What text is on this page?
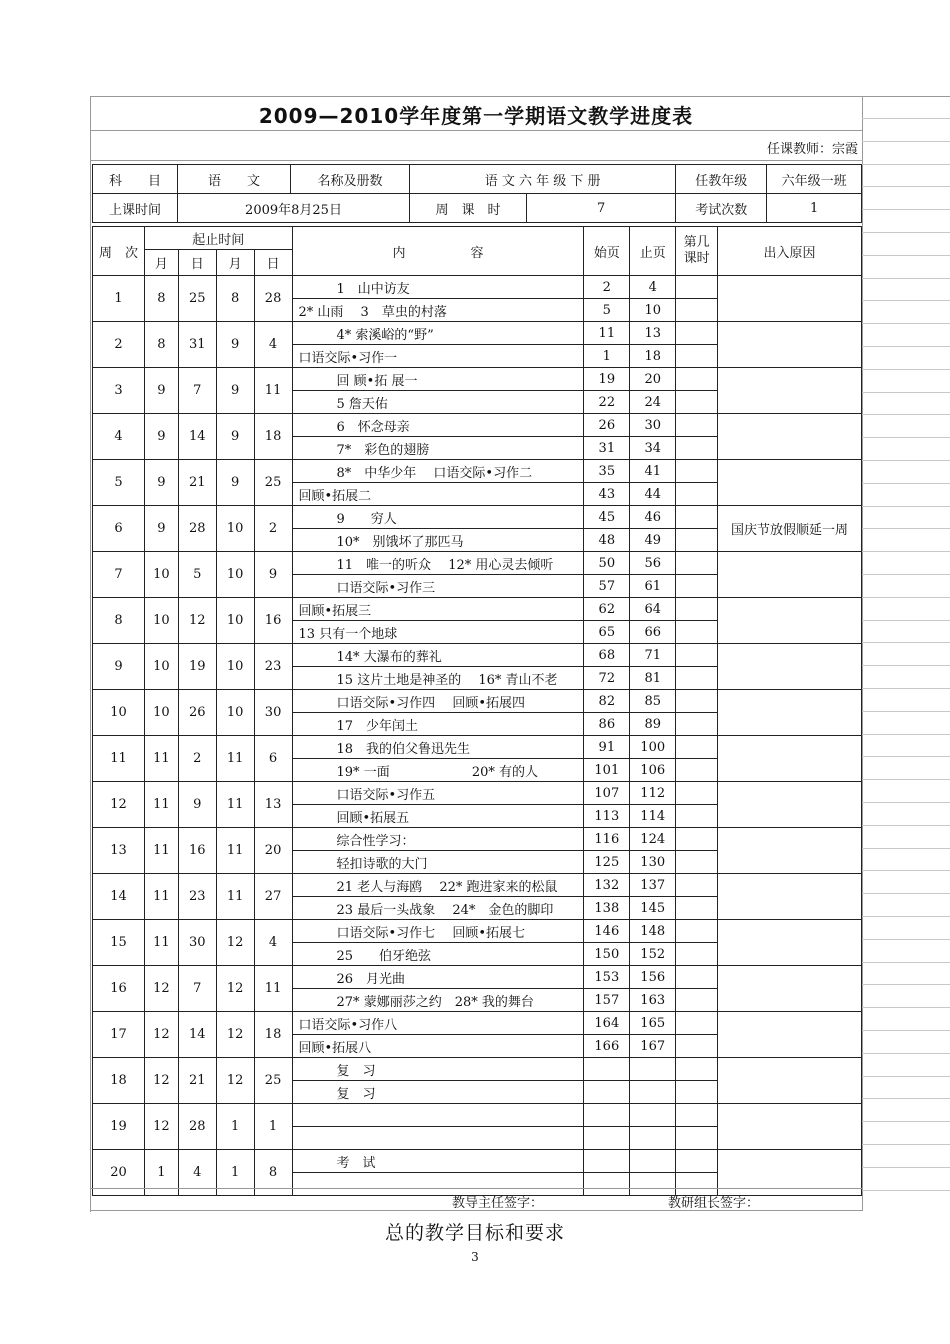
2009—2010学年度第一学期语文教学进度表
任课教师：宗霞
科　　目	语　　文	名称及册数	语 文 六 年 级 下 册		任教年级	六年级一班
上课时间	2009年8月25日		周　课　时	7	考试次数	1
周　次	起止时间				内　　　　　容	始页	止页	第几课时	出入原因
	月	日	月	日					
1	8	25	8	28	1　山中访友	2	4		
					2* 山雨　 3　草虫的村落	5	10		
2	8	31	9	4	4* 索溪峪的“野”	11	13		
					口语交际•习作一	1	18		
3	9	7	9	11	回 顾•拓 展一	19	20		
					5 詹天佑	22	24		
4	9	14	9	18	6　怀念母亲	26	30		
					7*　彩色的翅膀	31	34		
5	9	21	9	25	8*　中华少年　 口语交际•习作二	35	41		
					回顾•拓展二	43	44		
6	9	28	10	2	9　　穷人	45	46		国庆节放假顺延一周
					10*　别饿坏了那匹马	48	49		
7	10	5	10	9	11　唯一的听众　 12* 用心灵去倾听	50	56		
					口语交际•习作三	57	61		
8	10	12	10	16	回顾•拓展三	62	64		
					13 只有一个地球	65	66		
9	10	19	10	23	14* 大瀑布的葬礼	68	71		
					15 这片土地是神圣的　 16* 青山不老	72	81		
10	10	26	10	30	口语交际•习作四　 回顾•拓展四	82	85		
					17　少年闰土	86	89		
11	11	2	11	6	18　我的伯父鲁迅先生	91	100		
					19* 一面　　　　　　 20* 有的人	101	106		
12	11	9	11	13	口语交际•习作五	107	112		
					回顾•拓展五	113	114		
13	11	16	11	20	综合性学习：	116	124		
					轻扣诗歌的大门	125	130		
14	11	23	11	27	21 老人与海鸥　 22* 跑进家来的松鼠	132	137		
					23 最后一头战象　 24*　金色的脚印	138	145		
15	11	30	12	4	口语交际•习作七　 回顾•拓展七	146	148		
					25　　伯牙绝弦	150	152		
16	12	7	12	11	26　月光曲	153	156		
					27* 蒙娜丽莎之约　28* 我的舞台	157	163		
17	12	14	12	18	口语交际•习作八	164	165		
					回顾•拓展八	166	167		
18	12	21	12	25	复　习				
					复　习				
19	12	28	1	1					

20	1	4	1	8	考　试				

教导主任签字：	教研组长签字：
总的教学目标和要求
3
